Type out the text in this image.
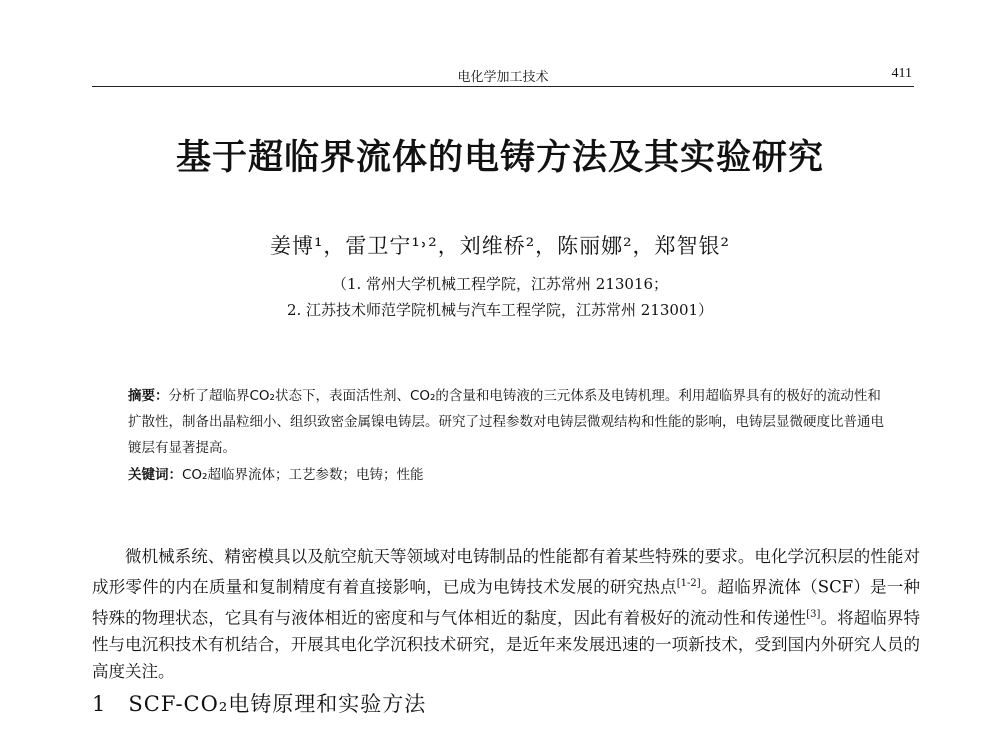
电化学加工技术	411
基于超临界流体的电铸方法及其实验研究
姜博¹，雷卫宁¹˒²，刘维桥²，陈丽娜²，郑智银²
（1. 常州大学机械工程学院，江苏常州 213016；
2. 江苏技术师范学院机械与汽车工程学院，江苏常州 213001）
摘要：分析了超临界CO₂状态下，表面活性剂、CO₂的含量和电铸液的三元体系及电铸机理。利用超临界具有的极好的流动性和扩散性，制备出晶粒细小、组织致密金属镍电铸层。研究了过程参数对电铸层微观结构和性能的影响，电铸层显微硬度比普通电镀层有显著提高。
关键词：CO₂超临界流体；工艺参数；电铸；性能
微机械系统、精密模具以及航空航天等领域对电铸制品的性能都有着某些特殊的要求。电化学沉积层的性能对成形零件的内在质量和复制精度有着直接影响，已成为电铸技术发展的研究热点[1-2]。超临界流体（SCF）是一种特殊的物理状态，它具有与液体相近的密度和与气体相近的黏度，因此有着极好的流动性和传递性[3]。将超临界特性与电沉积技术有机结合，开展其电化学沉积技术研究，是近年来发展迅速的一项新技术，受到国内外研究人员的高度关注。
1 SCF-CO₂电铸原理和实验方法
